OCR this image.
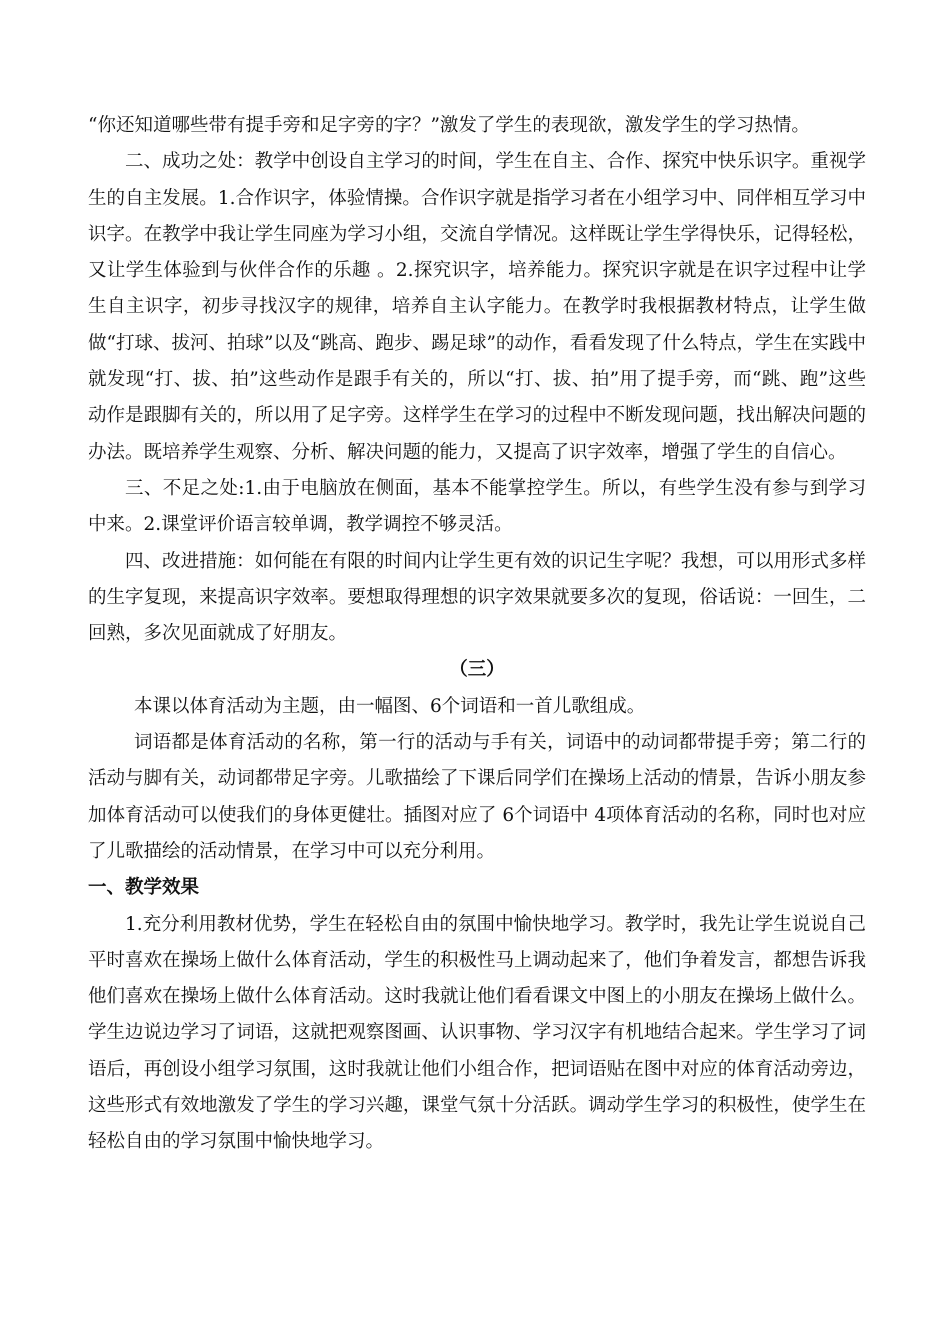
“你还知道哪些带有提手旁和足字旁的字？”激发了学生的表现欲，激发学生的学习热情。

二、成功之处：教学中创设自主学习的时间，学生在自主、合作、探究中快乐识字。重视学生的自主发展。1.合作识字，体验情操。合作识字就是指学习者在小组学习中、同伴相互学习中识字。在教学中我让学生同座为学习小组，交流自学情况。这样既让学生学得快乐，记得轻松，又让学生体验到与伙伴合作的乐趣 。2.探究识字，培养能力。探究识字就是在识字过程中让学生自主识字，初步寻找汉字的规律，培养自主认字能力。在教学时我根据教材特点，让学生做做“打球、拔河、拍球”以及“跳高、跑步、踢足球”的动作，看看发现了什么特点，学生在实践中就发现“打、拔、拍”这些动作是跟手有关的，所以“打、拔、拍”用了提手旁，而“跳、跑”这些动作是跟脚有关的，所以用了足字旁。这样学生在学习的过程中不断发现问题，找出解决问题的办法。既培养学生观察、分析、解决问题的能力，又提高了识字效率，增强了学生的自信心。

三、不足之处:1.由于电脑放在侧面，基本不能掌控学生。所以，有些学生没有参与到学习中来。2.课堂评价语言较单调，教学调控不够灵活。

四、改进措施：如何能在有限的时间内让学生更有效的识记生字呢？我想，可以用形式多样的生字复现，来提高识字效率。要想取得理想的识字效果就要多次的复现，俗话说：一回生，二回熟，多次见面就成了好朋友。

（三）

本课以体育活动为主题，由一幅图、6个词语和一首儿歌组成。

词语都是体育活动的名称，第一行的活动与手有关，词语中的动词都带提手旁；第二行的活动与脚有关，动词都带足字旁。儿歌描绘了下课后同学们在操场上活动的情景，告诉小朋友参加体育活动可以使我们的身体更健壮。插图对应了 6个词语中 4项体育活动的名称，同时也对应了儿歌描绘的活动情景，在学习中可以充分利用。

一、教学效果

1.充分利用教材优势，学生在轻松自由的氛围中愉快地学习。教学时，我先让学生说说自己平时喜欢在操场上做什么体育活动，学生的积极性马上调动起来了，他们争着发言，都想告诉我他们喜欢在操场上做什么体育活动。这时我就让他们看看课文中图上的小朋友在操场上做什么。学生边说边学习了词语，这就把观察图画、认识事物、学习汉字有机地结合起来。学生学习了词语后，再创设小组学习氛围，这时我就让他们小组合作，把词语贴在图中对应的体育活动旁边，这些形式有效地激发了学生的学习兴趣，课堂气氛十分活跃。调动学生学习的积极性，使学生在轻松自由的学习氛围中愉快地学习。
